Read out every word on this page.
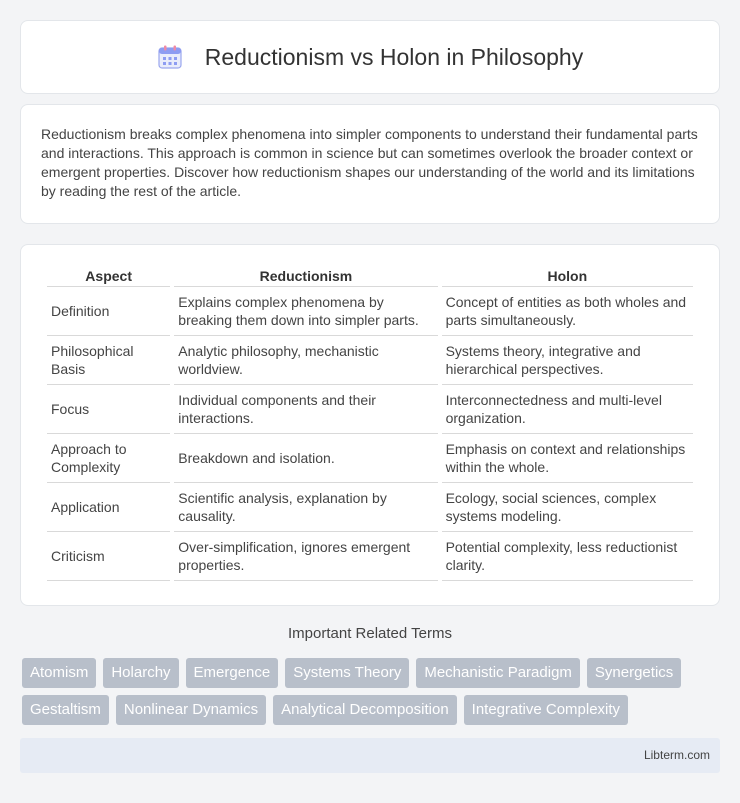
Reductionism vs Holon in Philosophy

Reductionism breaks complex phenomena into simpler components to understand their fundamental parts and interactions. This approach is common in science but can sometimes overlook the broader context or emergent properties. Discover how reductionism shapes our understanding of the world and its limitations by reading the rest of the article.

Aspect	Reductionism	Holon
Definition	Explains complex phenomena by breaking them down into simpler parts.	Concept of entities as both wholes and parts simultaneously.
Philosophical Basis	Analytic philosophy, mechanistic worldview.	Systems theory, integrative and hierarchical perspectives.
Focus	Individual components and their interactions.	Interconnectedness and multi-level organization.
Approach to Complexity	Breakdown and isolation.	Emphasis on context and relationships within the whole.
Application	Scientific analysis, explanation by causality.	Ecology, social sciences, complex systems modeling.
Criticism	Over-simplification, ignores emergent properties.	Potential complexity, less reductionist clarity.
Important Related Terms
Atomism	Holarchy	Emergence	Systems Theory	Mechanistic Paradigm	Synergetics
Gestaltism	Nonlinear Dynamics	Analytical Decomposition	Integrative Complexity
Libterm.com
